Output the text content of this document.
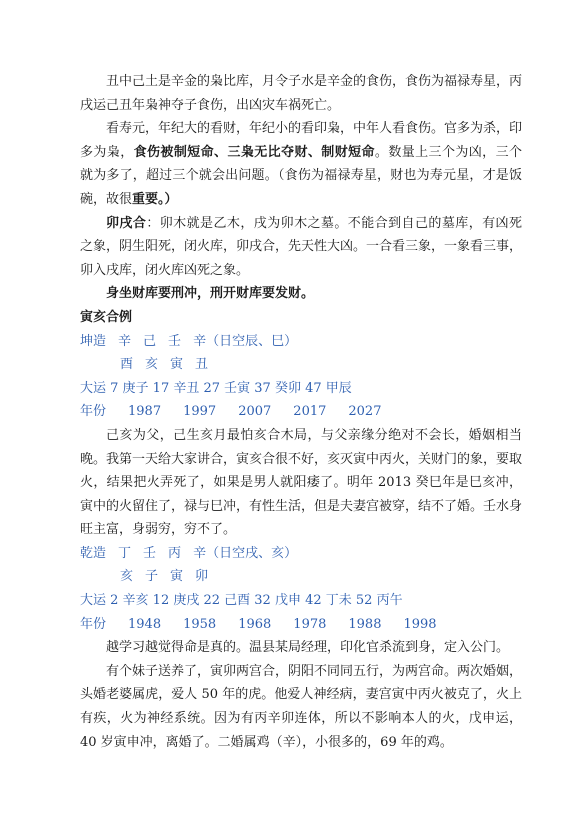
丑中己土是辛金的枭比库，月令子水是辛金的食伤，食伤为福禄寿星，丙戌运己丑年枭神夺子食伤，出凶灾车祸死亡。

看寿元，年纪大的看财，年纪小的看印枭，中年人看食伤。官多为杀，印多为枭，食伤被制短命、三枭无比夺财、制财短命。数量上三个为凶，三个就为多了，超过三个就会出问题。（食伤为福禄寿星，财也为寿元星，才是饭碗，故很重要。）

卯戌合：卯木就是乙木，戌为卯木之墓。不能合到自己的墓库，有凶死之象，阴生阳死，闭火库，卯戌合，先天性大凶。一合看三象，一象看三事，卯入戌库，闭火库凶死之象。

身坐财库要刑冲，刑开财库要发财。

寅亥合例

坤造 辛 己 壬 辛（日空辰、巳）

酉 亥 寅 丑

大运 7 庚子 17 辛丑 27 壬寅 37 癸卯 47 甲辰

年份 1987 1997 2007 2017 2027

己亥为父，己生亥月最怕亥合木局，与父亲缘分绝对不会长，婚姻相当晚。我第一天给大家讲合，寅亥合很不好，亥灭寅中丙火，关财门的象，要取火，结果把火弄死了，如果是男人就阳痿了。明年 2013 癸巳年是巳亥冲，寅中的火留住了，禄与巳冲，有性生活，但是夫妻宫被穿，结不了婚。壬水身旺主富，身弱穷，穷不了。

乾造 丁 壬 丙 辛（日空戌、亥）

亥 子 寅 卯

大运 2 辛亥 12 庚戌 22 己酉 32 戊申 42 丁未 52 丙午

年份 1948 1958 1968 1978 1988 1998

越学习越觉得命是真的。温县某局经理，印化官杀流到身，定入公门。

有个妹子送养了，寅卯两宫合，阴阳不同同五行，为两宫命。两次婚姻，头婚老婆属虎，爱人 50 年的虎。他爱人神经病，妻宫寅中丙火被克了，火上有疾，火为神经系统。因为有丙辛卯连体，所以不影响本人的火，戊申运，40 岁寅申冲，离婚了。二婚属鸡（辛），小很多的，69 年的鸡。
